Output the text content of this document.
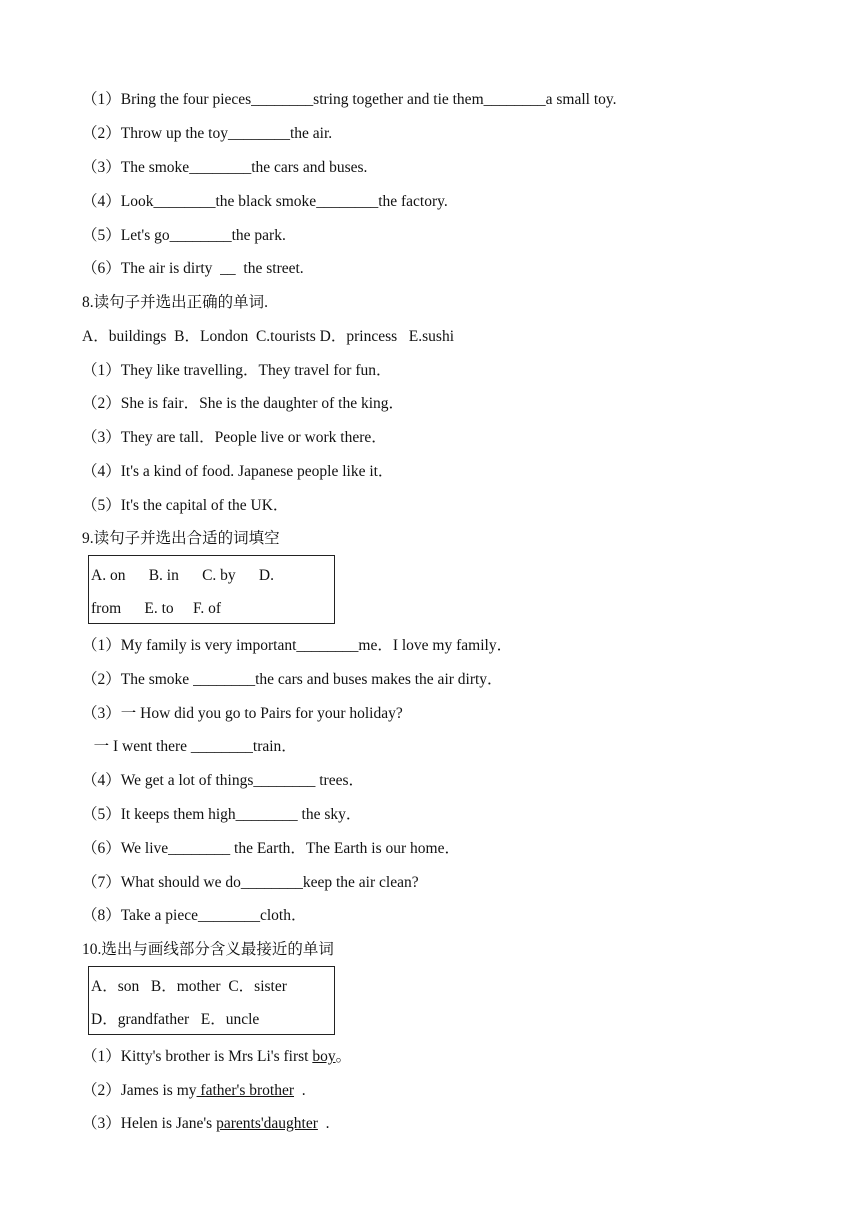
（1）Bring the four pieces________string together and tie them________a small toy.
（2）Throw up the toy________the air.
（3）The smoke________the cars and buses.
（4）Look________the black smoke________the factory.
（5）Let's go________the park.
（6）The air is dirty  __  the street.
8.读句子并选出正确的单词.
A．buildings  B．London  C.tourists D．princess   E.sushi
（1）They like travelling．They travel for fun．
（2）She is fair．She is the daughter of the king．
（3）They are tall．People live or work there．
（4）It's a kind of food. Japanese people like it．
（5）It's the capital of the UK．
9.读句子并选出合适的词填空
A. on      B. in      C. by      D.
from      E. to     F. of
（1）My family is very important________me．I love my family．
（2）The smoke ________the cars and buses makes the air dirty．
（3）一 How did you go to Pairs for your holiday?
一 I went there ________train．
（4）We get a lot of things________ trees．
（5）It keeps them high________ the sky．
（6）We live________ the Earth．The Earth is our home．
（7）What should we do________keep the air clean?
（8）Take a piece________cloth．
10.选出与画线部分含义最接近的单词
A．son   B．mother  C．sister
D．grandfather   E．uncle
（1）Kitty's brother is Mrs Li's first boy。
（2）James is my father's brother  .
（3）Helen is Jane's parents'daughter  .
